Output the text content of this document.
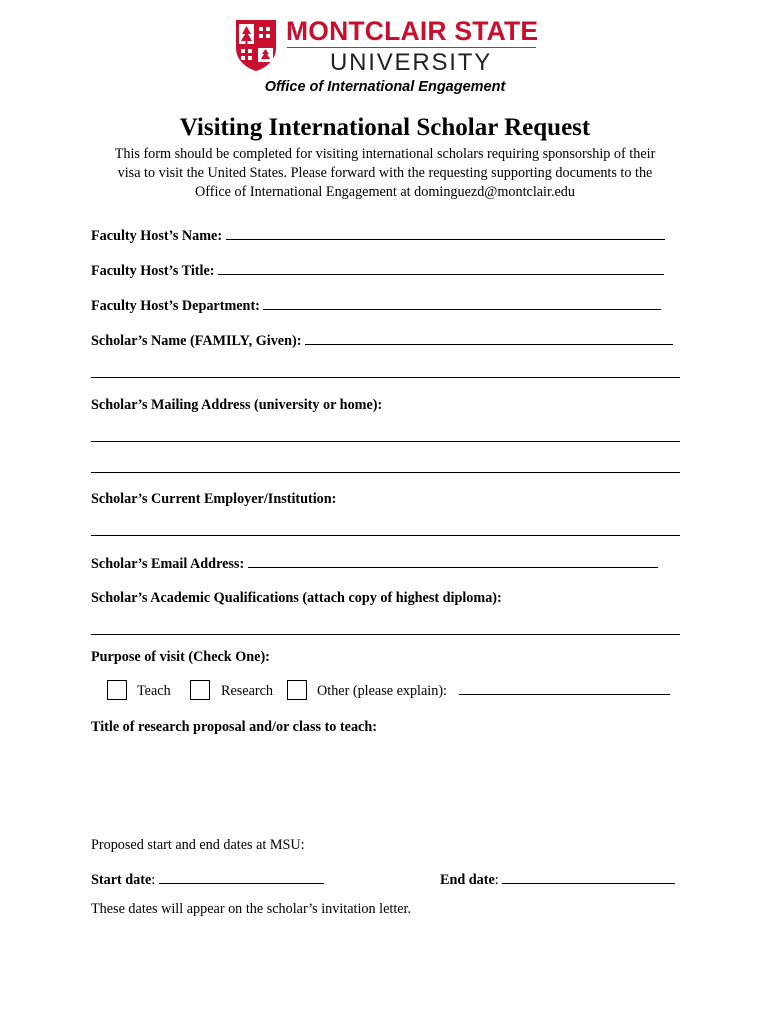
MONTCLAIR STATE
UNIVERSITY
Office of International Engagement
Visiting International Scholar Request
This form should be completed for visiting international scholars requiring sponsorship of their
visa to visit the United States. Please forward with the requesting supporting documents to the
Office of International Engagement at dominguezd@montclair.edu
Faculty Host’s Name:
Faculty Host’s Title:
Faculty Host’s Department:
Scholar’s Name (FAMILY, Given):
Scholar’s Mailing Address (university or home):
Scholar’s Current Employer/Institution:
Scholar’s Email Address:
Scholar’s Academic Qualifications (attach copy of highest diploma):
Purpose of visit (Check One):
Teach	Research	Other (please explain):
Title of research proposal and/or class to teach:
Proposed start and end dates at MSU:
Start date:	End date:
These dates will appear on the scholar’s invitation letter.
